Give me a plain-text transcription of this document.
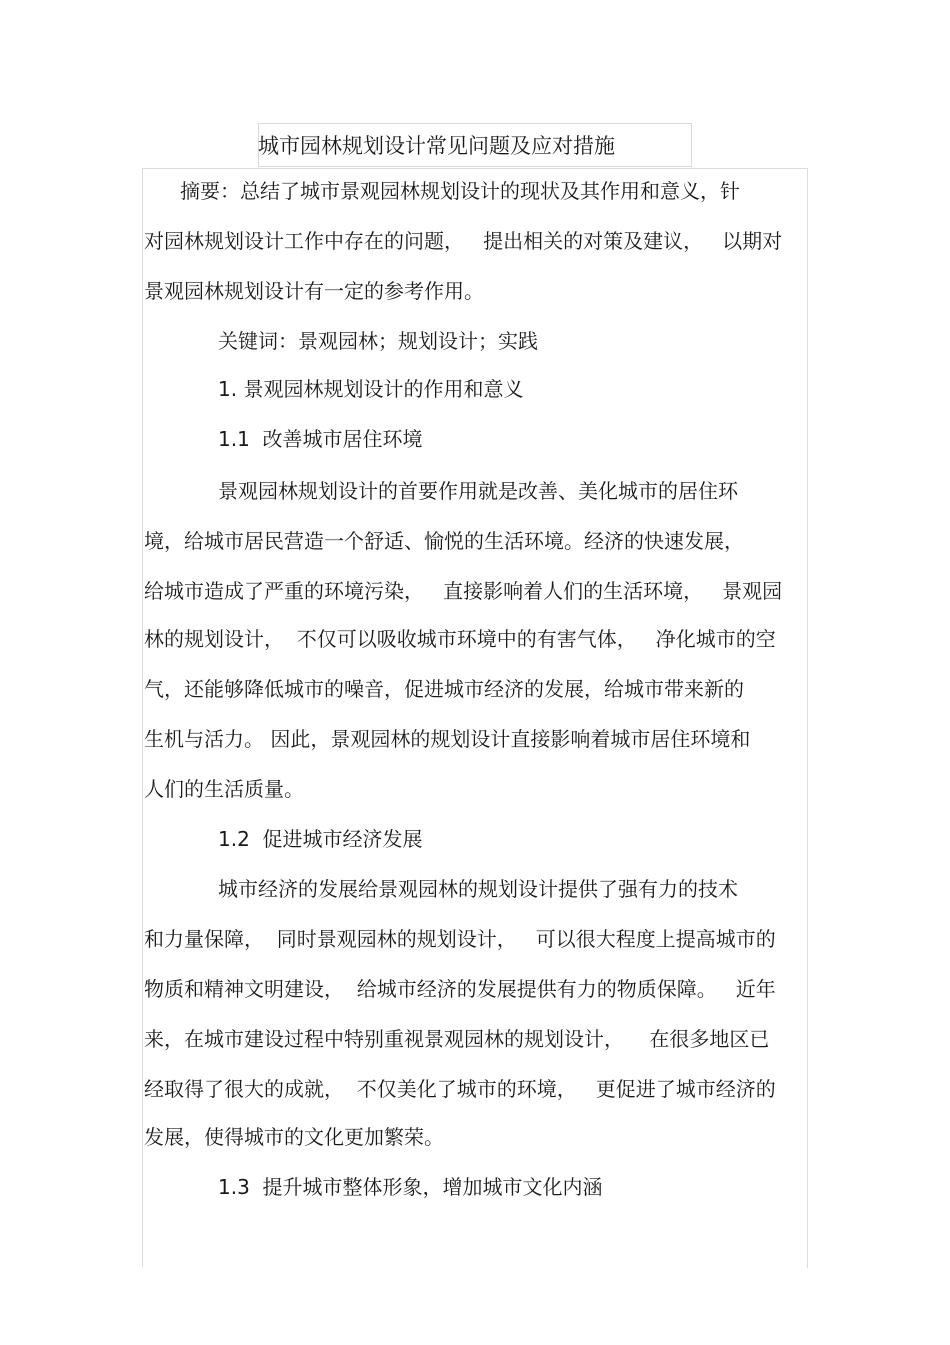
城市园林规划设计常见问题及应对措施
摘要：总结了城市景观园林规划设计的现状及其作用和意义，针
对园林规划设计工作中存在的问题，   提出相关的对策及建议，   以期对
景观园林规划设计有一定的参考作用。
关键词：景观园林；规划设计；实践
1. 景观园林规划设计的作用和意义
1.1  改善城市居住环境
景观园林规划设计的首要作用就是改善、美化城市的居住环
境，给城市居民营造一个舒适、愉悦的生活环境。经济的快速发展，
给城市造成了严重的环境污染，   直接影响着人们的生活环境，   景观园
林的规划设计，  不仅可以吸收城市环境中的有害气体，   净化城市的空
气，还能够降低城市的噪音，促进城市经济的发展，给城市带来新的
生机与活力。 因此，景观园林的规划设计直接影响着城市居住环境和
人们的生活质量。
1.2  促进城市经济发展
城市经济的发展给景观园林的规划设计提供了强有力的技术
和力量保障，  同时景观园林的规划设计，   可以很大程度上提高城市的
物质和精神文明建设，  给城市经济的发展提供有力的物质保障。   近年
来，在城市建设过程中特别重视景观园林的规划设计，    在很多地区已
经取得了很大的成就，  不仅美化了城市的环境，   更促进了城市经济的
发展，使得城市的文化更加繁荣。
1.3  提升城市整体形象，增加城市文化内涵
